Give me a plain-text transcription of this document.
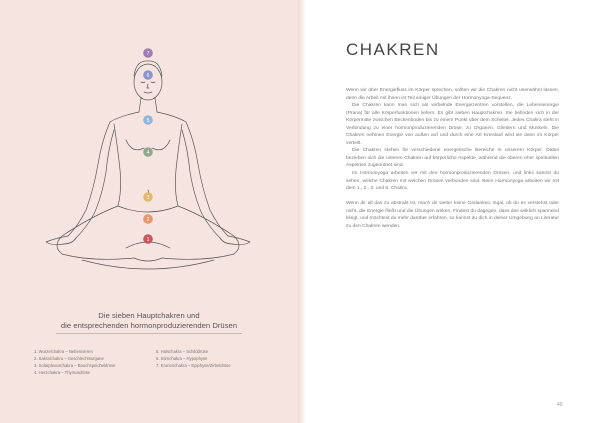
7
6
5
4
3
2
1
Die sieben Hauptchakren und
die entsprechenden hormonproduzierenden Drüsen
1. Wurzelchakra – Nebennieren
2. Sakralchakra – Geschlechtsorgane
3. Solarplexuschakra – Bauchspeicheldrüse
4. Herzchakra – Thymusdrüse
5. Halschakra – Schilddrüse
6. Stirnchakra – Hypophyse
7. Kronenchakra – Epiphyse/Zirbeldrüse
CHAKREN

Wenn wir über Energiefluss im Körper sprechen, sollten wir die Chakren nicht unerwähnt lassen, denn die Arbeit mit ihnen ist Teil einiger Übungen der Hormonyoga-Sequenz.

Die Chakren kann man sich als wirbelnde Energiezentren vorstellen, die Lebensenergie (Prana) für alle Körperfunktionen liefern. Es gibt sieben Hauptchakren. Sie befinden sich in der Körpermitte zwischen Beckenboden bis zu einem Punkt über dem Scheitel. Jedes Chakra steht in Verbindung zu einer hormonproduzierenden Drüse, zu Organen, Gliedern und Muskeln. Die Chakren nehmen Energie von außen auf und durch eine Art Kreislauf wird sie dann im Körper verteilt.

Die Chakren stehen für verschiedene energetische Bereiche in unserem Körper. Dabei beziehen sich die unteren Chakren auf körperliche Aspekte, während die oberen eher spirituellen Aspekten zugeordnet sind.

Im Hormonyoga arbeiten wir mit den hormonproduzierenden Drüsen, und links kannst du sehen, welche Chakren mit welchen Drüsen verbunden sind. Beim Hormonyoga arbeiten wir mit dem 1., 2., 3. und 6. Chakra.

Wenn dir all das zu abstrakt ist, mach dir weiter keine Gedanken. Egal, ob du es verstehst oder nicht, die Energie fließt und die Übungen wirken. Findest du dagegen, dass das wirklich spannend klingt, und möchtest du mehr darüber erfahren, so kannst du dich in deiner Umgebung an Literatur zu den Chakren wenden.

49
